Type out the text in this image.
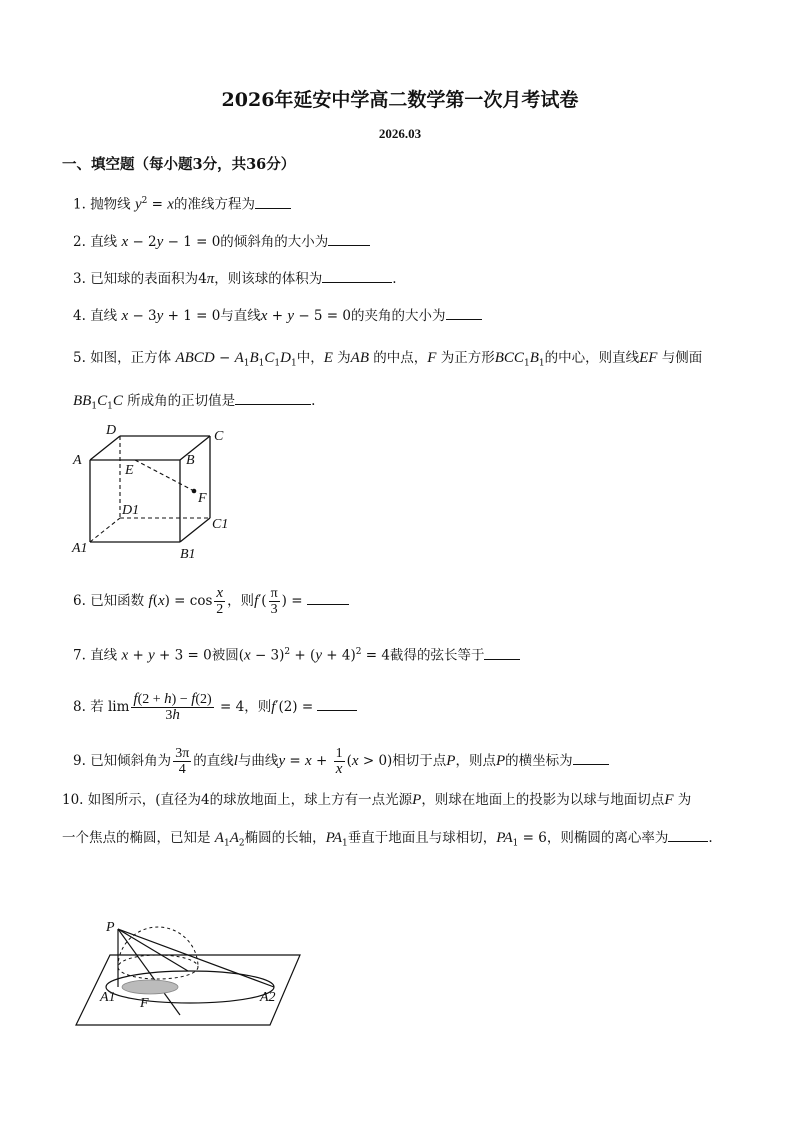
2026年延安中学高二数学第一次月考试卷
2026.03
一、填空题（每小题3分，共36分）
1. 抛物线 $y^2 = x$的准线方程为
2. 直线 x − 2y − 1 = 0的倾斜角的大小为
3. 已知球的表面积为4π，则该球的体积为	.
4. 直线 x − 3y + 1 = 0与直线x + y − 5 = 0的夹角的大小为
5. 如图，正方体 ABCD − $A_1B_1C_1D_1$中，E 为AB 的中点，F 为正方形$BCC_1B_1$的中心，则直线EF 与侧面
$BB_1C_1C$ 所成角的正切值是	.
D	C
A
E
B
F
D1
C1
A1	B1
6. 已知函数 $f(x) = \cos \frac{x}{2}$ ，则$f'( \frac{\pi}{3}$ ) =
7. 直线 x + y + 3 = 0被圆$(x - 3)^2 + (y + 4)^2 = 4$截得的弦长等于
8. 若 $\lim \frac{f(2 + h) - f(2)}{3h} = 4$，则f′(2) =
9. 已知倾斜角为 $\frac{3\pi}{4}$ 的直线l与曲线$y = x + \frac{1}{x} (x > 0)$相切于点P，则点P的横坐标为
10. 如图所示，(直径为4的球放地面上，球上方有一点光源P，则球在地面上的投影为以球与地面切点F 为
一个焦点的椭圆，已知是 $A_1A_2$椭圆的长轴，$PA_1$垂直于地面且与球相切，$PA_1 = 6$，则椭圆的离心率为	.
P
A1 F	A2
